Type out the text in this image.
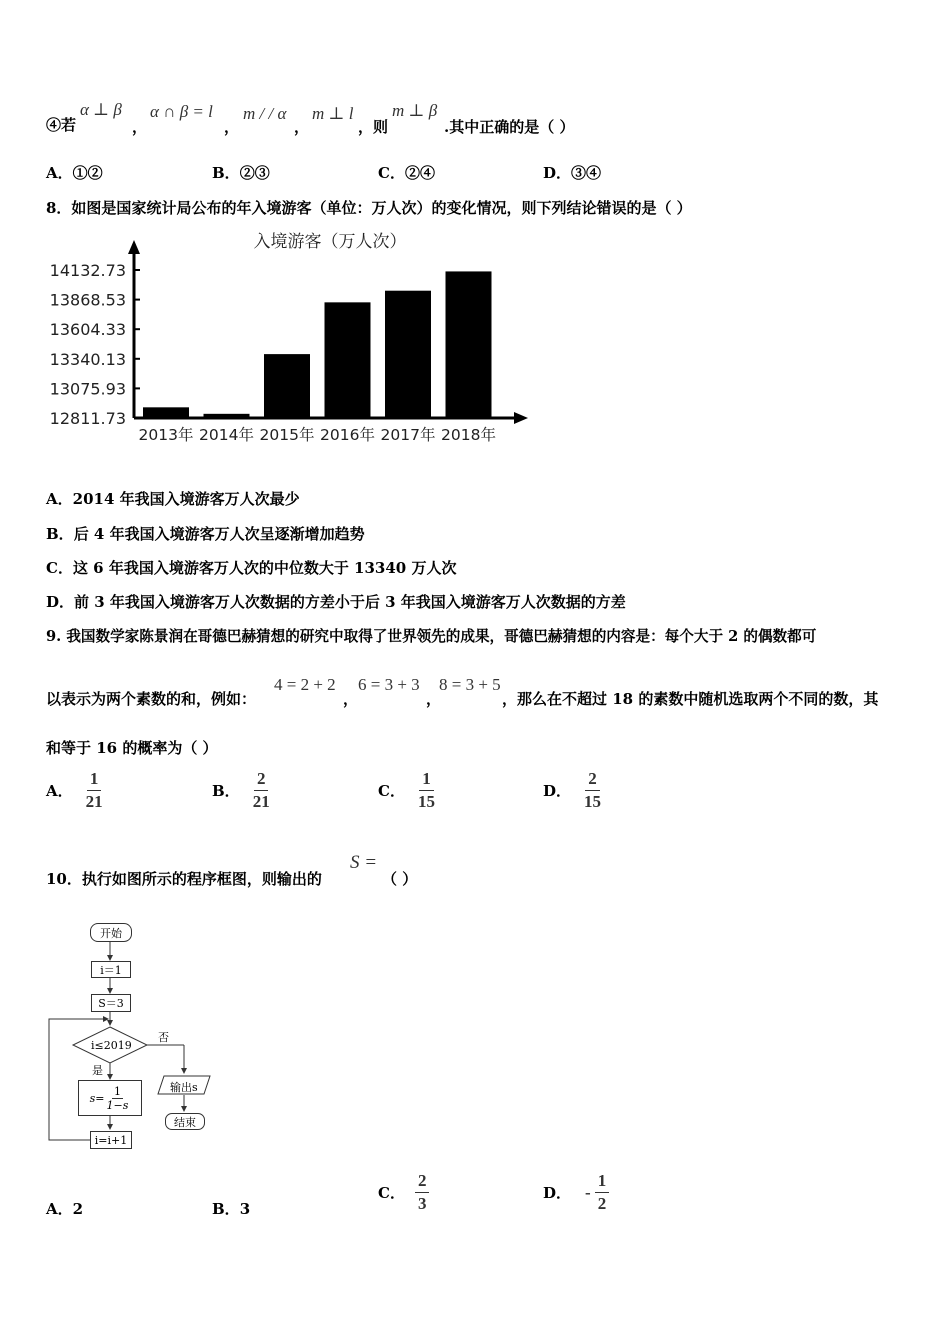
④若
α ⊥ β
，
α ∩ β = l
，
m / / α
，
m ⊥ l
，则
m ⊥ β
.其中正确的是（ ）
A．①②	B．②③	C．②④	D．③④
8．如图是国家统计局公布的年入境游客（单位：万人次）的变化情况，则下列结论错误的是（ ）
入境游客（万人次）
12811.73
13075.93
13340.13
13604.33
13868.53
14132.73
2013年 2014年 2015年 2016年 2017年 2018年
A．2014 年我国入境游客万人次最少
B．后 4 年我国入境游客万人次呈逐渐增加趋势
C．这 6 年我国入境游客万人次的中位数大于 13340 万人次
D．前 3 年我国入境游客万人次数据的方差小于后 3 年我国入境游客万人次数据的方差
9. 我国数学家陈景润在哥德巴赫猜想的研究中取得了世界领先的成果，哥德巴赫猜想的内容是：每个大于 2 的偶数都可
以表示为两个素数的和，例如：
4 = 2 + 2
，
6 = 3 + 3
，
8 = 3 + 5
，那么在不超过 18 的素数中随机选取两个不同的数，其
和等于 16 的概率为（ ）
A． $\frac{1}{21}$	B． $\frac{2}{21}$	C． $\frac{1}{15}$	D． $\frac{2}{15}$
10．执行如图所示的程序框图，则输出的
S =
（ ）
开始
i＝1
S＝3
i≤2019
否
是
$s= \frac{1}{1-s}$	输出s
结束
i=i+1
A．2	B．3
C． $\frac{2}{3}$	D． - $\frac{1}{2}$
